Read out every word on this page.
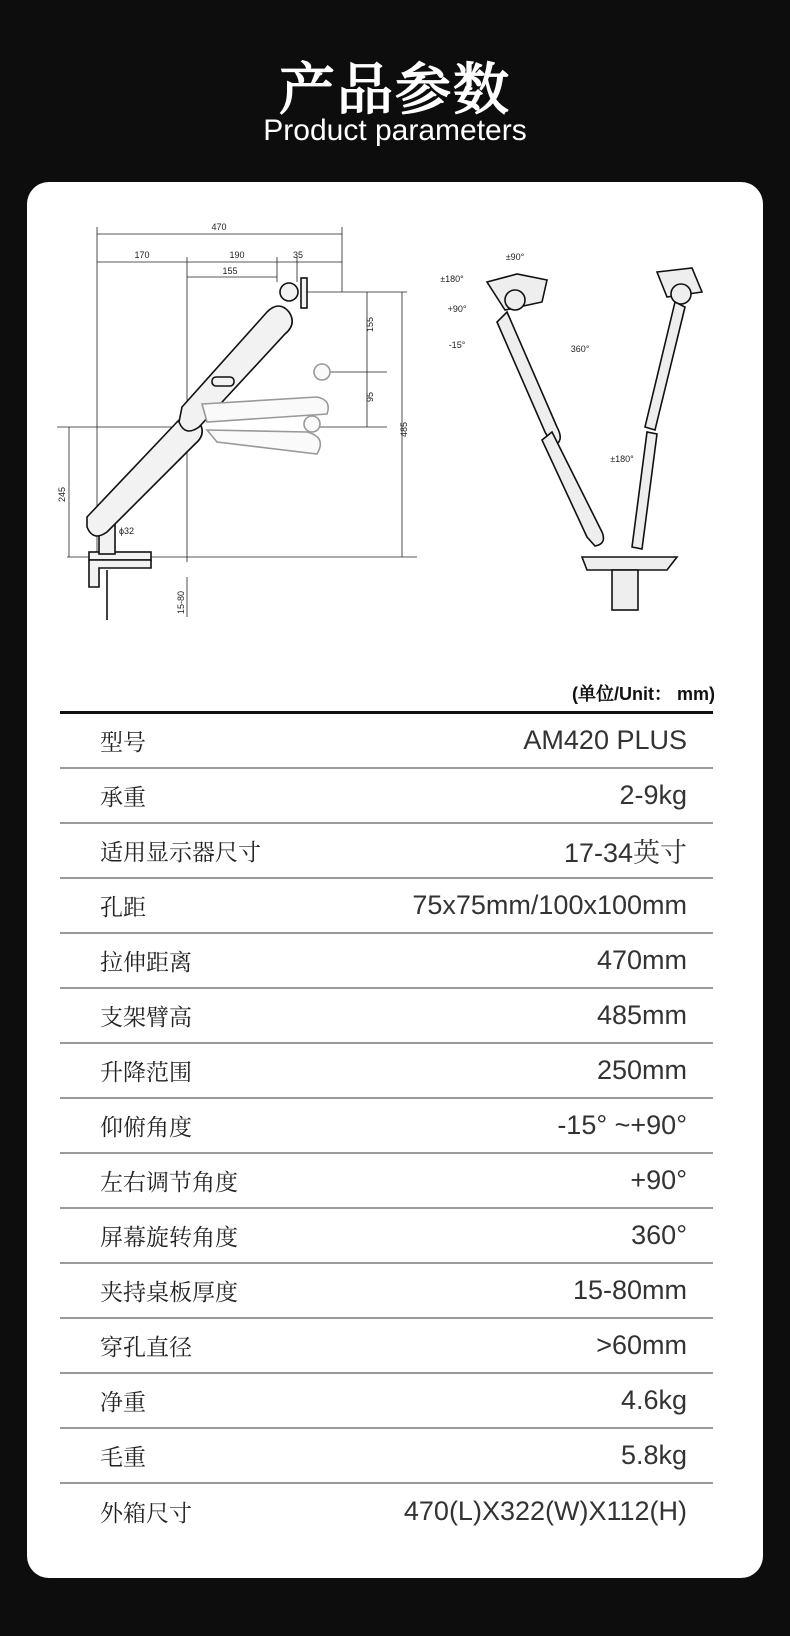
产品参数
Product parameters
470
170	190	35
155
155
95
485
245
ϕ32
15-80
±90°
±180°
+90°
-15°	360°
±180°
(单位/Unit： mm)
型号	AM420 PLUS
承重	2-9kg
适用显示器尺寸	17-34英寸
孔距	75x75mm/100x100mm
拉伸距离	470mm
支架臂高	485mm
升降范围	250mm
仰俯角度	-15° ~+90°
左右调节角度	+90°
屏幕旋转角度	360°
夹持桌板厚度	15-80mm
穿孔直径	>60mm
净重	4.6kg
毛重	5.8kg
外箱尺寸	470(L)X322(W)X112(H)
